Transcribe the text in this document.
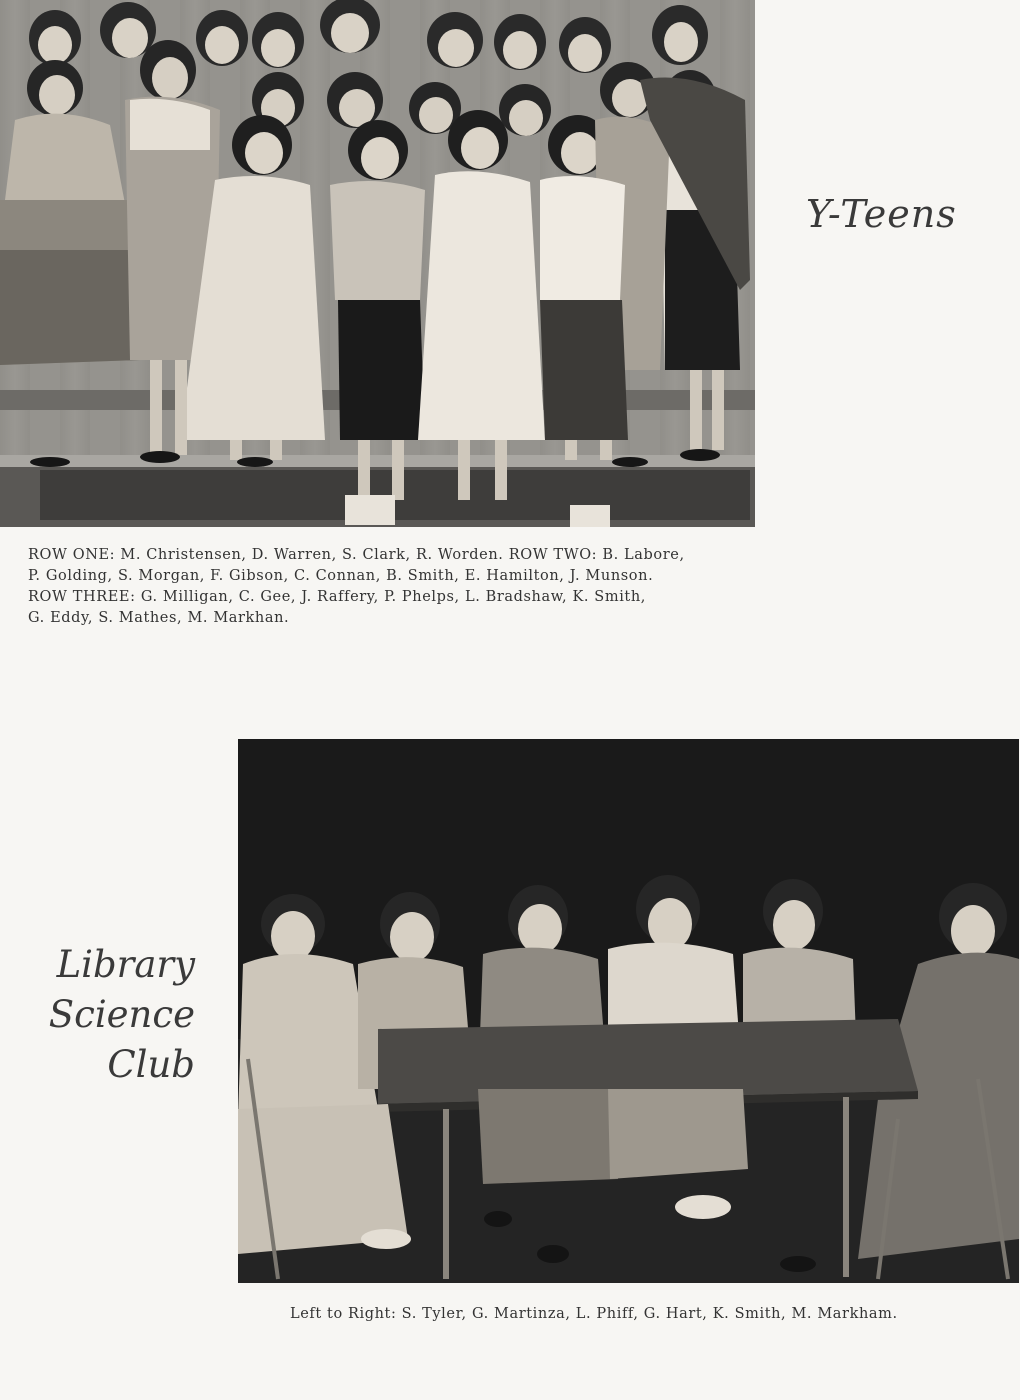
Y-Teens
ROW ONE: M. Christensen, D. Warren, S. Clark, R. Worden. ROW TWO: B. Labore,
P. Golding, S. Morgan, F. Gibson, C. Connan, B. Smith, E. Hamilton, J. Munson.
ROW THREE: G. Milligan, C. Gee, J. Raffery, P. Phelps, L. Bradshaw, K. Smith,
G. Eddy, S. Mathes, M. Markhan.
Library
Science
Club
Left to Right: S. Tyler, G. Martinza, L. Phiff, G. Hart, K. Smith, M. Markham.
